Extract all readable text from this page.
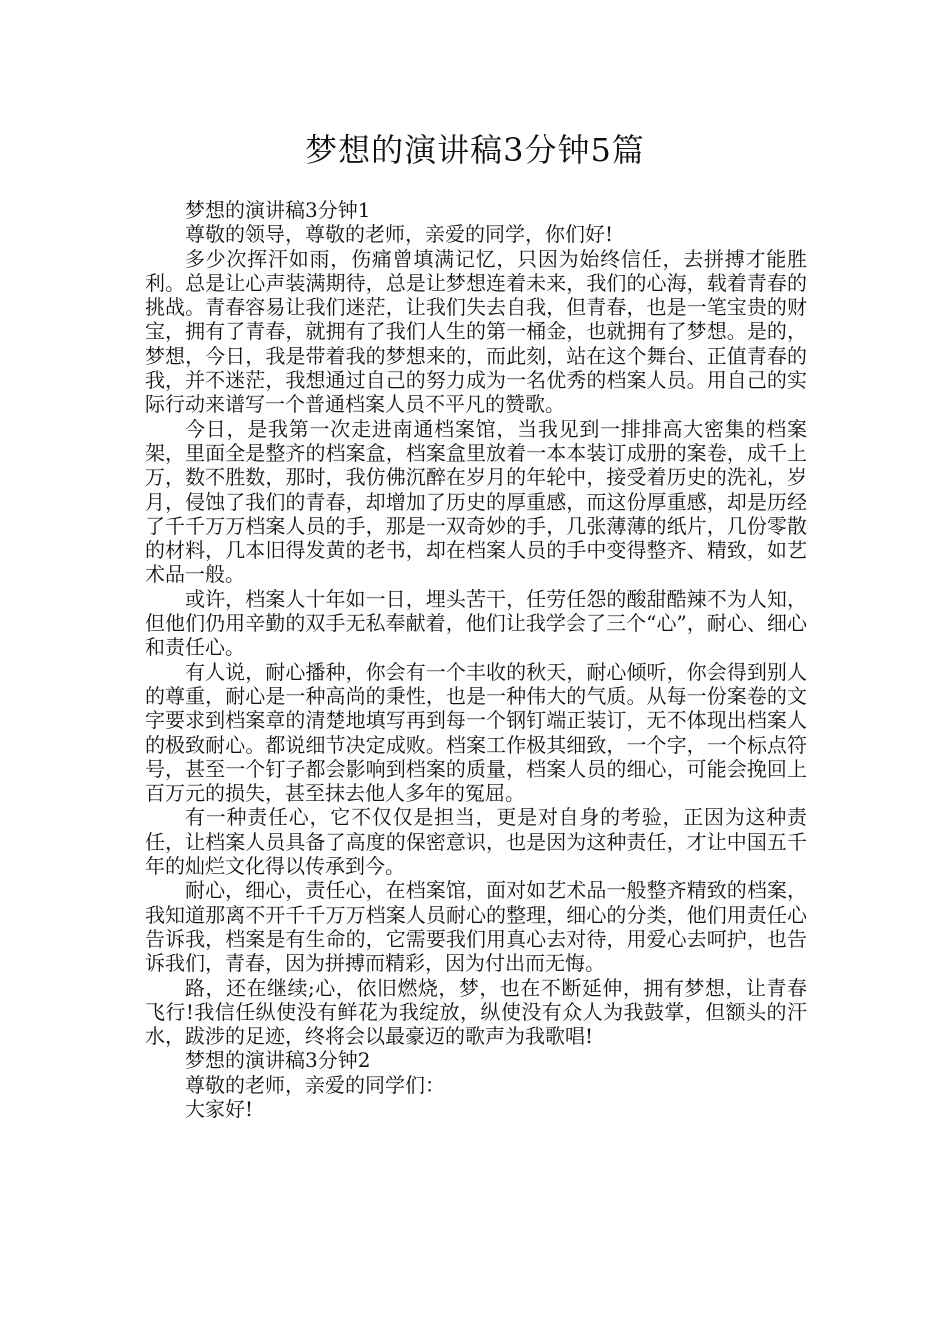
梦想的演讲稿3分钟5篇

梦想的演讲稿3分钟1

尊敬的领导，尊敬的老师，亲爱的同学，你们好!

多少次挥汗如雨，伤痛曾填满记忆，只因为始终信任，去拼搏才能胜利。总是让心声装满期待，总是让梦想连着未来，我们的心海，载着青春的挑战。青春容易让我们迷茫，让我们失去自我，但青春，也是一笔宝贵的财宝，拥有了青春，就拥有了我们人生的第一桶金，也就拥有了梦想。是的，梦想，今日，我是带着我的梦想来的，而此刻，站在这个舞台、正值青春的我，并不迷茫，我想通过自己的努力成为一名优秀的档案人员。用自己的实际行动来谱写一个普通档案人员不平凡的赞歌。

今日，是我第一次走进南通档案馆，当我见到一排排高大密集的档案架，里面全是整齐的档案盒，档案盒里放着一本本装订成册的案卷，成千上万，数不胜数，那时，我仿佛沉醉在岁月的年轮中，接受着历史的洗礼，岁月，侵蚀了我们的青春，却增加了历史的厚重感，而这份厚重感，却是历经了千千万万档案人员的手，那是一双奇妙的手，几张薄薄的纸片，几份零散的材料，几本旧得发黄的老书，却在档案人员的手中变得整齐、精致，如艺术品一般。

或许，档案人十年如一日，埋头苦干，任劳任怨的酸甜酷辣不为人知，但他们仍用辛勤的双手无私奉献着，他们让我学会了三个“心”，耐心、细心和责任心。

有人说，耐心播种，你会有一个丰收的秋天，耐心倾听，你会得到别人的尊重，耐心是一种高尚的秉性，也是一种伟大的气质。从每一份案卷的文字要求到档案章的清楚地填写再到每一个钢钉端正装订，无不体现出档案人的极致耐心。都说细节决定成败。档案工作极其细致，一个字，一个标点符号，甚至一个钉子都会影响到档案的质量，档案人员的细心，可能会挽回上百万元的损失，甚至抹去他人多年的冤屈。

有一种责任心，它不仅仅是担当，更是对自身的考验，正因为这种责任，让档案人员具备了高度的保密意识，也是因为这种责任，才让中国五千年的灿烂文化得以传承到今。

耐心，细心，责任心，在档案馆，面对如艺术品一般整齐精致的档案，我知道那离不开千千万万档案人员耐心的整理，细心的分类，他们用责任心告诉我，档案是有生命的，它需要我们用真心去对待，用爱心去呵护，也告诉我们，青春，因为拼搏而精彩，因为付出而无悔。

路，还在继续;心，依旧燃烧，梦，也在不断延伸，拥有梦想，让青春飞行!我信任纵使没有鲜花为我绽放，纵使没有众人为我鼓掌，但额头的汗水，跋涉的足迹，终将会以最豪迈的歌声为我歌唱!

梦想的演讲稿3分钟2

尊敬的老师，亲爱的同学们：

大家好!
